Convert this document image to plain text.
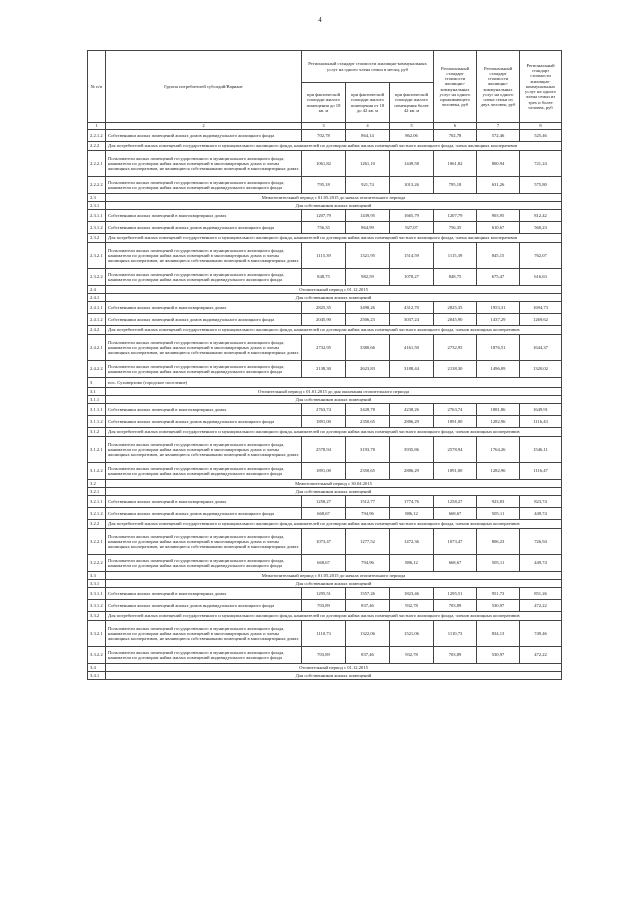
4
№ п/п	Группа потребителей субсидий/Вариант	Региональный стандарт стоимости жилищно-коммунальных услуг на одного члена семьи в месяц, руб			Региональный стандарт стоимости жилищно-коммунальных услуг на одного проживающего человека, руб	Региональный стандарт стоимости жилищно-коммунальных услуг на одного члена семьи из двух человек, руб	Региональный стандарт стоимости жилищно-коммунальных услуг на одного члена семьи из трех и более человек, руб
		при фактической площади жилого помещения до 18 кв. м	при фактической площади жилого помещения от 18 до 42 кв. м	при фактической площади жилого помещения более 42 кв. м			
1	2	3	4	5	6	7	8
2.2.1.2	Собственники жилых помещений жилых домов индивидуального жилищного фонда	702,78	864,14	862,06	702,78	572,46	525,46
2.2.2	Для потребителей жилых помещений государственного и муниципального жилищного фонда, нанимателей по договорам найма жилых помещений частного жилищного фонда, члена жилищных кооперативов						
2.2.2.1	Пользователи жилых помещений государственного и муниципального жилищного фонда, наниматели по договорам найма жилых помещений в многоквартирных домах и члены жилищных кооперативов, не являющиеся собственниками помещений в многоквартирных домах	1061,82	1261,10	1449,58	1061,82	800,94	721,24
2.2.2.2	Пользователи жилых помещений государственного и муниципального жилищного фонда, наниматели по договорам найма жилых помещений индивидуального жилищного фонда	795,18	921,74	1013,26	795,18	631,26	575,80
2.3	Межотопительный период с 01.05.2015 до начала отопительного периода						
2.3.1	Для собственников жилых помещений						
2.3.1.1	Собственники жилых помещений в многоквартирных домах	1207,79	1439,95	1665,79	1207,79	903,95	812,42
2.3.1.2	Собственники жилых помещений жилых домов индивидуального жилищного фонда	756,35	864,99	927,07	756,35	610,67	560,23
2.3.2	Для потребителей жилых помещений государственного и муниципального жилищного фонда, нанимателей по договорам найма жилых помещений частного жилищного фонда, члена жилищных кооперативов						
2.3.2.1	Пользователи жилых помещений государственного и муниципального жилищного фонда, наниматели по договорам найма жилых помещений в многоквартирных домах и члены жилищных кооперативов, не являющиеся собственниками помещений в многоквартирных домах	1115,39	1321,95	1514,59	1115,39	845,15	762,07
2.3.2.2	Пользователи жилых помещений государственного и муниципального жилищного фонда, наниматели по договорам найма жилых помещений индивидуального жилищного фонда	848,75	982,59	1078,27	848,75	675,47	616,63
2.4	Отопительный период с 01.12.2015						
2.4.1	Для собственников жилых помещений						
2.4.1.1	Собственники жилых помещений в многоквартирных домах	2825,35	3498,26	4312,70	2825,35	1953,31	1694,73
2.4.1.2	Собственники жилых помещений жилых домов индивидуального жилищного фонда	2045,90	2506,23	3037,24	2045,90	1437,29	1269,62
2.4.2	Для потребителей жилых помещений государственного и муниципального жилищного фонда, нанимателей по договорам найма жилых помещений частного жилищного фонда, членов жилищных кооперативов						
2.4.2.1	Пользователи жилых помещений государственного и муниципального жилищного фонда, наниматели по договорам найма жилых помещений в многоквартирных домах и члены жилищных кооперативов, не являющиеся собственниками помещений в многоквартирных домах	2732,95	3380,66	4161,50	2732,95	1876,51	1644,37
2.4.2.2	Пользователи жилых помещений государственного и муниципального жилищного фонда, наниматели по договорам найма жилых помещений индивидуального жилищного фонда	2138,30	2623,83	3188,44	2138,30	1496,09	1320,02
3	пос. Суховерхово (городское поселение)						
3.1	Отопительный период с 01.01.2015 до дня окончания отопительного периода						
3.1.1	Для собственников жилых помещений						
3.1.1.1	Собственники жилых помещений в многоквартирных домах	2763,74	3428,78	4238,26	2763,74	1881,86	1649,91
3.1.1.2	Собственники жилых помещений жилых домов индивидуального жилищного фонда	1891,00	2350,65	2886,29	1891,00	1282,96	1116,43
3.1.2	Для потребителей жилых помещений государственного и муниципального жилищного фонда, нанимателей по договорам найма жилых помещений частного жилищного фонда, членов жилищных кооперативов						
3.1.2.1	Пользователи жилых помещений государственного и муниципального жилищного фонда, наниматели по договорам найма жилых помещений в многоквартирных домах и члены жилищных кооперативов, не являющиеся собственниками помещений в многоквартирных домах	2578,94	3193,78	3935,86	2578,94	1764,26	1546,11
3.1.2.2	Пользователи жилых помещений государственного и муниципального жилищного фонда, наниматели по договорам найма жилых помещений индивидуального жилищного фонда	1891,00	2350,65	2886,29	1891,00	1282,96	1116,47
3.2	Межотопительный период с 30.04.2015						
3.2.1	Для собственников жилых помещений						
3.2.1.1	Собственники жилых помещений в многоквартирных домах	1258,27	1512,77	1774,76	1258,27	923,83	823,74
3.2.1.2	Собственники жилых помещений жилых домов индивидуального жилищного фонда	668,67	794,96	886,12	668,67	505,11	449,74
3.2.2	Для потребителей жилых помещений государственного и муниципального жилищного фонда, нанимателей по договорам найма жилых помещений частного жилищного фонда, членов жилищных кооперативов						
3.2.2.1	Пользователи жилых помещений государственного и муниципального жилищного фонда, наниматели по договорам найма жилых помещений в многоквартирных домах и члены жилищных кооперативов, не являющиеся собственниками помещений в многоквартирных домах	1073,47	1277,52	1472,36	1073,47	806,23	726,94
3.2.2.2	Пользователи жилых помещений государственного и муниципального жилищного фонда, наниматели по договорам найма жилых помещений индивидуального жилищного фонда	668,67	794,96	886,12	668,67	505,11	449,74
3.3	Межотопительный период с 01.05.2015 до начала отопительного периода						
3.3.1	Для собственников жилых помещений						
3.3.1.1	Собственники жилых помещений в многоквартирных домах	1295,51	1557,26	1823,46	1295,51	951,73	851,26
3.3.1.2	Собственники жилых помещений жилых домов индивидуального жилищного фонда	703,89	837,46	932,78	703,89	530,97	472,22
3.3.2	Для потребителей жилых помещений государственного и муниципального жилищного фонда, нанимателей по договорам найма жилых помещений частного жилищного фонда, членов жилищных кооперативов						
3.3.2.1	Пользователи жилых помещений государственного и муниципального жилищного фонда, наниматели по договорам найма жилых помещений в многоквартирных домах и члены жилищных кооперативов, не являющиеся собственниками помещений в многоквартирных домах	1110,73	1322,06	1521,06	1110,73	834,13	749,46
3.3.2.2	Пользователи жилых помещений государственного и муниципального жилищного фонда, наниматели по договорам найма жилых помещений индивидуального жилищного фонда	703,89	837,46	932,78	703,89	530,97	472,22
3.4	Отопительный период с 01.12.2015						
3.4.1	Для собственников жилых помещений						
